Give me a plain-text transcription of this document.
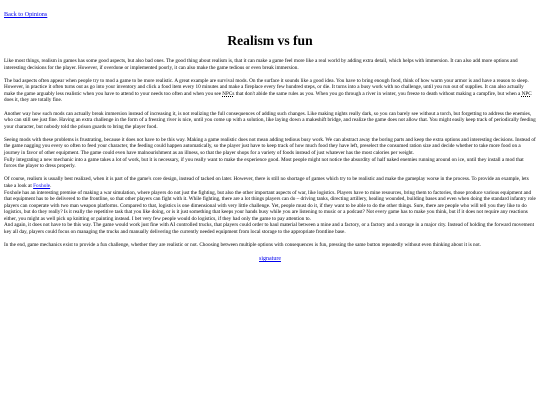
Back to Opinions
Realism vs fun

Like most things, realism in games has some good aspects, but also bad ones. The good thing about realism is, that it can make a game feel more like a real world by adding extra detail, which helps with immersion. It can also add more options and interesting decisions for the player. However, if overdone or implemented poorly, it can also make the game tedious or even break immersion.

The bad aspects often appear when people try to mod a game to be more realistic. A great example are survival mods. On the surface it sounds like a good idea. You have to bring enough food, think of how warm your armor is and have a reason to sleep. However, in practice it often turns out as go into your inventory and click a food item every 10 minutes and make a fireplace every few hundred steps, or die. It turns into a busy work with no challenge, until you run out of supplies. It can also actually make the game arguably less realistic when you have to attend to your needs too often and when you see NPCs that don't abide the same rules as you. When you go through a river in winter, you freeze to death without making a campfire, but when a NPC does it, they are totally fine.

Another way how such mods can actually break immersion instead of increasing it, is not realizing the full consequences of adding such changes. Like making nights really dark, so you can barely see without a torch, but forgetting to address the enemies, who can still see just fine. Having an extra challenge in the form of a freezing river is nice, until you come up with a solution, like laying down a makeshift bridge, and realize the game does not allow that. You might easily keep track of periodically feeding your character, but nobody told the prison guards to bring the player food.

Seeing mods with these problems is frustrating, because it does not have to be this way. Making a game realistic does not mean adding tedious busy work. We can abstract away the boring parts and keep the extra options and interesting decisions. Instead of the game nagging you every so often to feed your character, the feeding could happen automatically, so the player just have to keep track of how much food they have left, preselect the consumed ration size and decide whether to take more food on a journey in favor of other equipment. The game could even have malnourishment as an illness, so that the player shops for a variety of foods instead of just whatever has the most calories per weight.

Fully integrating a new mechanic into a game takes a lot of work, but it is necessary, if you really want to make the experience good. Most people might not notice the absurdity of half naked enemies running around on ice, until they install a mod that forces the player to dress properly.

Of course, realism is usually best realized, when it is part of the game's core design, instead of tacked on later. However, there is still no shortage of games which try to be realistic and make the gameplay worse in the process. To provide an example, lets take a look at Foxhole.

Foxhole has an interesting premise of making a war simulation, where players do not just the fighting, but also the other important aspects of war, like logistics. Players have to mine resources, bring them to factories, those produce various equipment and that equipment has to be delivered to the frontline, so that other players can fight with it. While fighting, there are a lot things players can do – driving tanks, directing artillery, healing wounded, building bases and even when doing the standard infantry role players can cooperate with two man weapon platforms. Compared to that, logistics is one dimensional with very little challenge. Yet, people must do it, if they want to be able to do the other things. Sure, there are people who will tell you they like to do logistics, but do they really? Is it really the repetitive task that you like doing, or is it just something that keeps your hands busy while you are listening to music or a podcast? Not every game has to make you think, but if it does not require any reactions either, you might as well pick up knitting or painting instead. I bet very few people would do logistics, if they had only the game to pay attention to.

And again, it does not have to be this way. The game would work just fine with AI controlled trucks, that players could order to haul material between a mine and a factory, or a factory and a storage in a major city. Instead of holding the forward movement key all day, players could focus on managing the trucks and manually delivering the currently needed equipment from local storage to the appropriate frontline base.

In the end, game mechanics exist to provide a fun challenge, whether they are realistic or not. Choosing between multiple options with consequences is fun, pressing the same button repeatedly without even thinking about it is not.

signature
